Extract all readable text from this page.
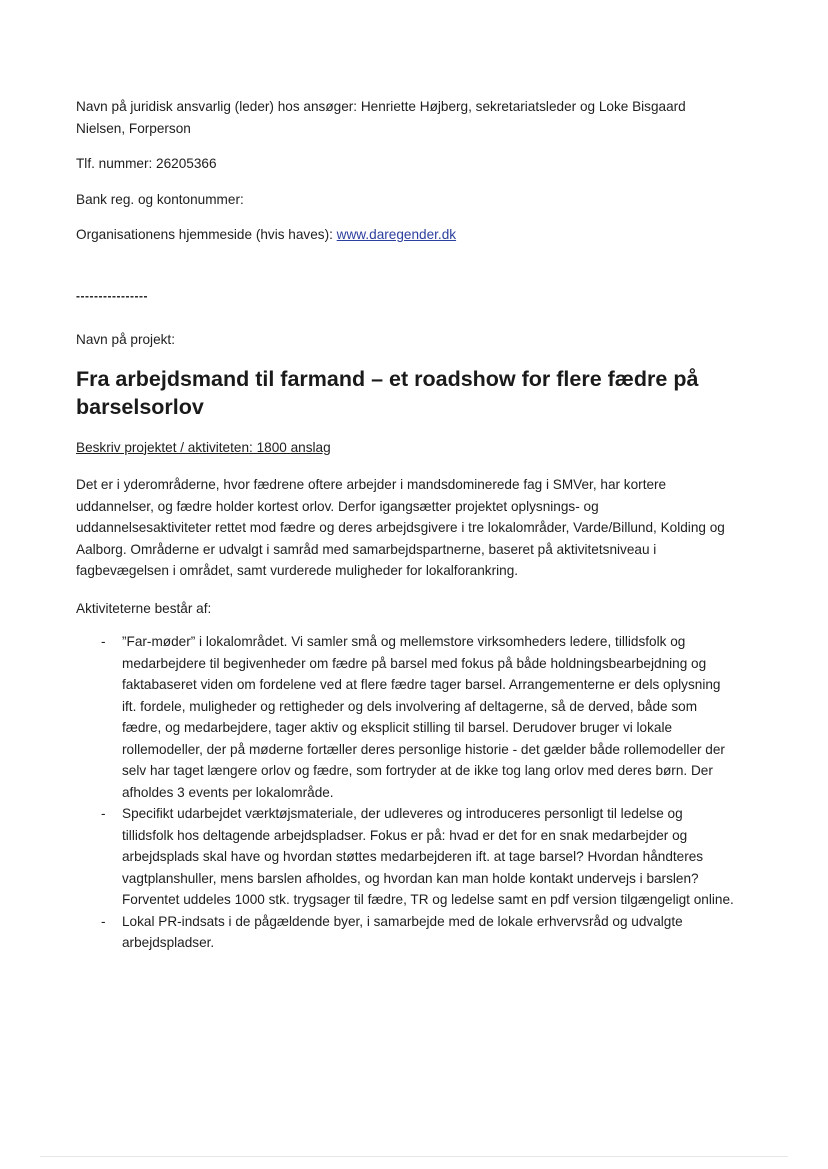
Navn på juridisk ansvarlig (leder) hos ansøger: Henriette Højberg, sekretariatsleder og Loke Bisgaard Nielsen, Forperson

Tlf. nummer: 26205366

Bank reg. og kontonummer:

Organisationens hjemmeside (hvis haves): www.daregender.dk

----------------

Navn på projekt:

Fra arbejdsmand til farmand – et roadshow for flere fædre på barselsorlov

Beskriv projektet / aktiviteten: 1800 anslag

Det er i yderområderne, hvor fædrene oftere arbejder i mandsdominerede fag i SMVer, har kortere uddannelser, og fædre holder kortest orlov. Derfor igangsætter projektet oplysnings- og uddannelsesaktiviteter rettet mod fædre og deres arbejdsgivere i tre lokalområder, Varde/Billund, Kolding og Aalborg. Områderne er udvalgt i samråd med samarbejdspartnerne, baseret på aktivitetsniveau i fagbevægelsen i området, samt vurderede muligheder for lokalforankring.

Aktiviteterne består af:

- ”Far-møder” i lokalområdet. Vi samler små og mellemstore virksomheders ledere, tillidsfolk og medarbejdere til begivenheder om fædre på barsel med fokus på både holdningsbearbejdning og faktabaseret viden om fordelene ved at flere fædre tager barsel. Arrangementerne er dels oplysning ift. fordele, muligheder og rettigheder og dels involvering af deltagerne, så de derved, både som fædre, og medarbejdere, tager aktiv og eksplicit stilling til barsel. Derudover bruger vi lokale rollemodeller, der på møderne fortæller deres personlige historie - det gælder både rollemodeller der selv har taget længere orlov og fædre, som fortryder at de ikke tog lang orlov med deres børn. Der afholdes 3 events per lokalområde.
- Specifikt udarbejdet værktøjsmateriale, der udleveres og introduceres personligt til ledelse og tillidsfolk hos deltagende arbejdspladser. Fokus er på: hvad er det for en snak medarbejder og arbejdsplads skal have og hvordan støttes medarbejderen ift. at tage barsel? Hvordan håndteres vagtplanshuller, mens barslen afholdes, og hvordan kan man holde kontakt undervejs i barslen? Forventet uddeles 1000 stk. trygsager til fædre, TR og ledelse samt en pdf version tilgængeligt online.
- Lokal PR-indsats i de pågældende byer, i samarbejde med de lokale erhvervsråd og udvalgte arbejdspladser.
